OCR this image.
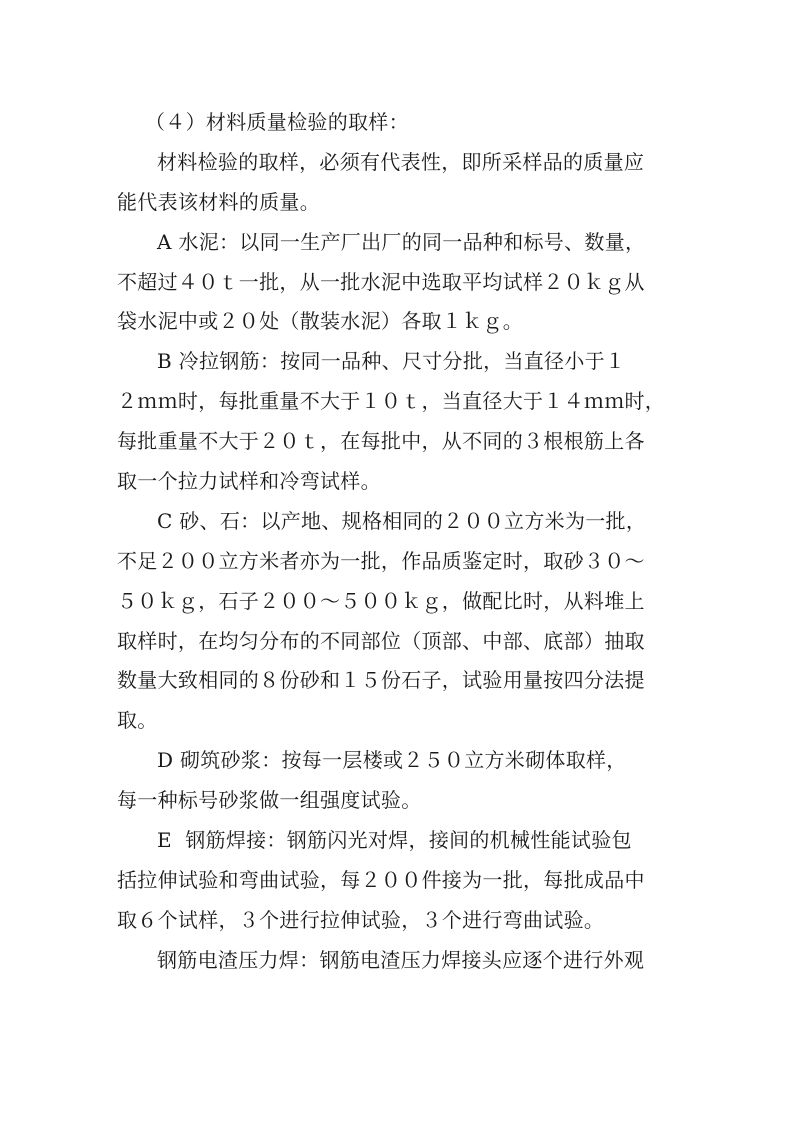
（４）材料质量检验的取样：
材料检验的取样，必须有代表性，即所采样品的质量应
能代表该材料的质量。
A 水泥：以同一生产厂出厂的同一品种和标号、数量，
不超过４０ｔ一批，从一批水泥中选取平均试样２０ｋｇ从
袋水泥中或２０处（散装水泥）各取１ｋｇ。
B 冷拉钢筋：按同一品种、尺寸分批，当直径小于１
２ｍｍ时，每批重量不大于１０ｔ，当直径大于１４ｍｍ时，
每批重量不大于２０ｔ，在每批中，从不同的３根根筋上各
取一个拉力试样和冷弯试样。
C 砂、石：以产地、规格相同的２００立方米为一批，
不足２００立方米者亦为一批，作品质鉴定时，取砂３０～
５０ｋｇ，石子２００～５００ｋｇ，做配比时，从料堆上
取样时，在均匀分布的不同部位（顶部、中部、底部）抽取
数量大致相同的８份砂和１５份石子，试验用量按四分法提
取。
D 砌筑砂浆：按每一层楼或２５０立方米砌体取样，
每一种标号砂浆做一组强度试验。
E  钢筋焊接：钢筋闪光对焊，接间的机械性能试验包
括拉伸试验和弯曲试验，每２００件接为一批，每批成品中
取６个试样，３个进行拉伸试验，３个进行弯曲试验。
钢筋电渣压力焊：钢筋电渣压力焊接头应逐个进行外观
